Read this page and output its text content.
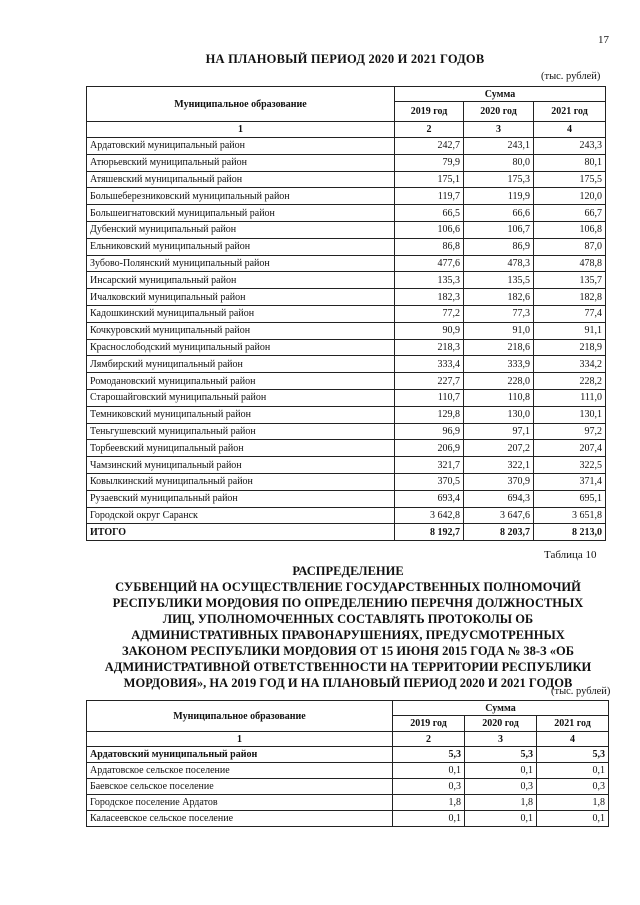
17
НА ПЛАНОВЫЙ ПЕРИОД 2020 И 2021 ГОДОВ
(тыс. рублей)
Муниципальное образование	Сумма		
	2019 год	2020 год	2021 год
1	2	3	4
Ардатовский муниципальный район	242,7	243,1	243,3
Атюрьевский муниципальный район	79,9	80,0	80,1
Атяшевский муниципальный район	175,1	175,3	175,5
Большеберезниковский муниципальный район	119,7	119,9	120,0
Большеигнатовский муниципальный район	66,5	66,6	66,7
Дубенский муниципальный район	106,6	106,7	106,8
Ельниковский муниципальный район	86,8	86,9	87,0
Зубово-Полянский муниципальный район	477,6	478,3	478,8
Инсарский муниципальный район	135,3	135,5	135,7
Ичалковский муниципальный район	182,3	182,6	182,8
Кадошкинский муниципальный район	77,2	77,3	77,4
Кочкуровский муниципальный район	90,9	91,0	91,1
Краснослободский муниципальный район	218,3	218,6	218,9
Лямбирский муниципальный район	333,4	333,9	334,2
Ромодановский муниципальный район	227,7	228,0	228,2
Старошайговский муниципальный район	110,7	110,8	111,0
Темниковский муниципальный район	129,8	130,0	130,1
Теньгушевский муниципальный район	96,9	97,1	97,2
Торбеевский муниципальный район	206,9	207,2	207,4
Чамзинский муниципальный район	321,7	322,1	322,5
Ковылкинский муниципальный район	370,5	370,9	371,4
Рузаевский муниципальный район	693,4	694,3	695,1
Городской округ Саранск	3 642,8	3 647,6	3 651,8
ИТОГО	8 192,7	8 203,7	8 213,0
Таблица 10
РАСПРЕДЕЛЕНИЕ
СУБВЕНЦИЙ НА ОСУЩЕСТВЛЕНИЕ ГОСУДАРСТВЕННЫХ ПОЛНОМОЧИЙ
РЕСПУБЛИКИ МОРДОВИЯ ПО ОПРЕДЕЛЕНИЮ ПЕРЕЧНЯ ДОЛЖНОСТНЫХ
ЛИЦ, УПОЛНОМОЧЕННЫХ СОСТАВЛЯТЬ ПРОТОКОЛЫ ОБ
АДМИНИСТРАТИВНЫХ ПРАВОНАРУШЕНИЯХ, ПРЕДУСМОТРЕННЫХ
ЗАКОНОМ РЕСПУБЛИКИ МОРДОВИЯ ОТ 15 ИЮНЯ 2015 ГОДА № 38-З «ОБ
АДМИНИСТРАТИВНОЙ ОТВЕТСТВЕННОСТИ НА ТЕРРИТОРИИ РЕСПУБЛИКИ
МОРДОВИЯ», НА 2019 ГОД И НА ПЛАНОВЫЙ ПЕРИОД 2020 И 2021 ГОДОВ
(тыс. рублей)
Муниципальное образование	Сумма		
	2019 год	2020 год	2021 год
1	2	3	4
Ардатовский муниципальный район	5,3	5,3	5,3
Ардатовское сельское поселение	0,1	0,1	0,1
Баевское сельское поселение	0,3	0,3	0,3
Городское поселение Ардатов	1,8	1,8	1,8
Каласеевское сельское поселение	0,1	0,1	0,1
